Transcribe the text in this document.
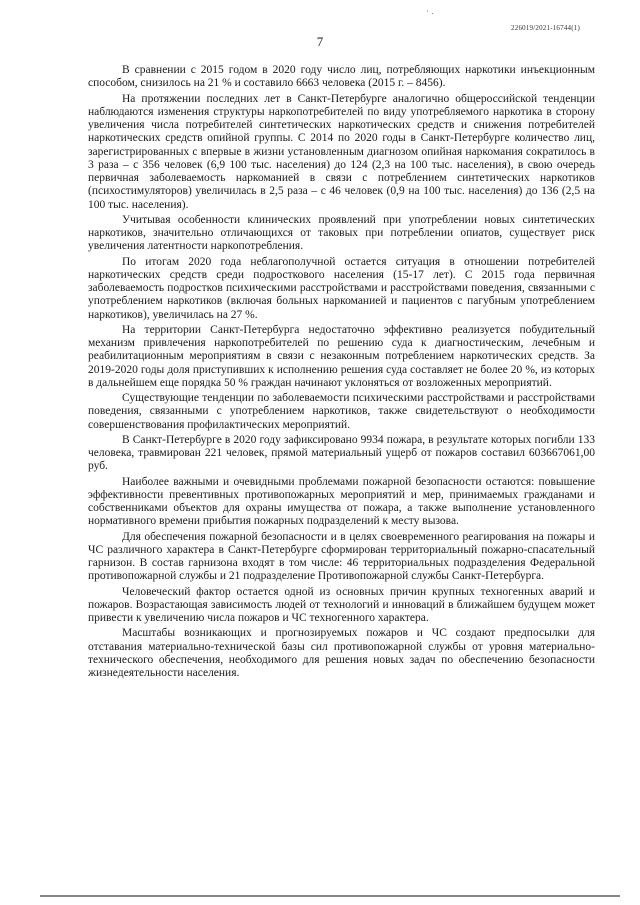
· .
226019/2021-16744(1)
7

В сравнении с 2015 годом в 2020 году число лиц, потребляющих наркотики инъекционным способом, снизилось на 21 % и составило 6663 человека (2015 г. – 8456).

На протяжении последних лет в Санкт-Петербурге аналогично общероссийской тенденции наблюдаются изменения структуры наркопотребителей по виду употребляемого наркотика в сторону увеличения числа потребителей синтетических наркотических средств и снижения потребителей наркотических средств опийной группы. С 2014 по 2020 годы в Санкт-Петербурге количество лиц, зарегистрированных с впервые в жизни установленным диагнозом опийная наркомания сократилось в 3 раза – с 356 человек (6,9 100 тыс. населения) до 124 (2,3 на 100 тыс. населения), в свою очередь первичная заболеваемость наркоманией в связи с потреблением синтетических наркотиков (психостимуляторов) увеличилась в 2,5 раза – с 46 человек (0,9 на 100 тыс. населения) до 136 (2,5 на 100 тыс. населения).

Учитывая особенности клинических проявлений при употреблении новых синтетических наркотиков, значительно отличающихся от таковых при потреблении опиатов, существует риск увеличения латентности наркопотребления.

По итогам 2020 года неблагополучной остается ситуация в отношении потребителей наркотических средств среди подросткового населения (15-17 лет). С 2015 года первичная заболеваемость подростков психическими расстройствами и расстройствами поведения, связанными с употреблением наркотиков (включая больных наркоманией и пациентов с пагубным употреблением наркотиков), увеличилась на 27 %.

На территории Санкт-Петербурга недостаточно эффективно реализуется побудительный механизм привлечения наркопотребителей по решению суда к диагностическим, лечебным и реабилитационным мероприятиям в связи с незаконным потреблением наркотических средств. За 2019-2020 годы доля приступивших к исполнению решения суда составляет не более 20 %, из которых в дальнейшем еще порядка 50 % граждан начинают уклоняться от возложенных мероприятий.

Существующие тенденции по заболеваемости психическими расстройствами и расстройствами поведения, связанными с употреблением наркотиков, также свидетельствуют о необходимости совершенствования профилактических мероприятий.

В Санкт-Петербурге в 2020 году зафиксировано 9934 пожара, в результате которых погибли 133 человека, травмирован 221 человек, прямой материальный ущерб от пожаров составил 603667061,00 руб.

Наиболее важными и очевидными проблемами пожарной безопасности остаются: повышение эффективности превентивных противопожарных мероприятий и мер, принимаемых гражданами и собственниками объектов для охраны имущества от пожара, а также выполнение установленного нормативного времени прибытия пожарных подразделений к месту вызова.

Для обеспечения пожарной безопасности и в целях своевременного реагирования на пожары и ЧС различного характера в Санкт-Петербурге сформирован территориальный пожарно-спасательный гарнизон. В состав гарнизона входят в том числе: 46 территориальных подразделения Федеральной противопожарной службы и 21 подразделение Противопожарной службы Санкт-Петербурга.

Человеческий фактор остается одной из основных причин крупных техногенных аварий и пожаров. Возрастающая зависимость людей от технологий и инноваций в ближайшем будущем может привести к увеличению числа пожаров и ЧС техногенного характера.

Масштабы возникающих и прогнозируемых пожаров и ЧС создают предпосылки для отставания материально-технической базы сил противопожарной службы от уровня материально-технического обеспечения, необходимого для решения новых задач по обеспечению безопасности жизнедеятельности населения.
